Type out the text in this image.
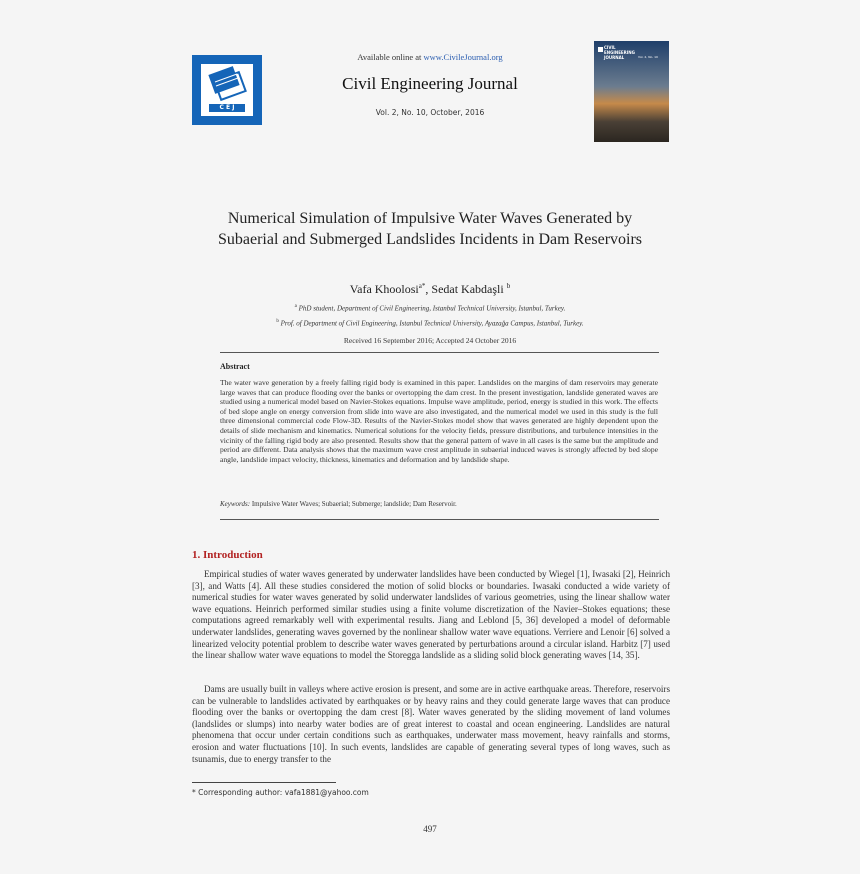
C E J
Available online at www.CivileJournal.org
Civil Engineering Journal
Vol. 2, No. 10, October, 2016
CIVIL ENGINEERING JOURNAL	Vol. 2, No. 10
Numerical Simulation of Impulsive Water Waves Generated by Subaerial and Submerged Landslides Incidents in Dam Reservoirs
Vafa Khoolosi$^{a*}$, Sedat Kabdaşli $^b$
$^a$ PhD student, Department of Civil Engineering, Istanbul Technical University, Istanbul, Turkey.
$^b$ Prof. of Department of Civil Engineering, Istanbul Technical University, Ayazağa Campus, Istanbul, Turkey.
Received 16 September 2016; Accepted 24 October 2016
Abstract
The water wave generation by a freely falling rigid body is examined in this paper. Landslides on the margins of dam reservoirs may generate large waves that can produce flooding over the banks or overtopping the dam crest. In the present investigation, landslide generated waves are studied using a numerical model based on Navier-Stokes equations. Impulse wave amplitude, period, energy is studied in this work. The effects of bed slope angle on energy conversion from slide into wave are also investigated, and the numerical model we used in this study is the full three dimensional commercial code Flow-3D. Results of the Navier-Stokes model show that waves generated are highly dependent upon the details of slide mechanism and kinematics. Numerical solutions for the velocity fields, pressure distributions, and turbulence intensities in the vicinity of the falling rigid body are also presented. Results show that the general pattern of wave in all cases is the same but the amplitude and period are different. Data analysis shows that the maximum wave crest amplitude in subaerial induced waves is strongly affected by bed slope angle, landslide impact velocity, thickness, kinematics and deformation and by landslide shape.
Keywords: Impulsive Water Waves; Subaerial; Submerge; landslide; Dam Reservoir.
1. Introduction
Empirical studies of water waves generated by underwater landslides have been conducted by Wiegel [1], Iwasaki [2], Heinrich [3], and Watts [4]. All these studies considered the motion of solid blocks or boundaries. Iwasaki conducted a wide variety of numerical studies for water waves generated by solid underwater landslides of various geometries, using the linear shallow water wave equations. Heinrich performed similar studies using a finite volume discretization of the Navier–Stokes equations; these computations agreed remarkably well with experimental results. Jiang and Leblond [5, 36] developed a model of deformable underwater landslides, generating waves governed by the nonlinear shallow water wave equations. Verriere and Lenoir [6] solved a linearized velocity potential problem to describe water waves generated by perturbations around a circular island. Harbitz [7] used the linear shallow water wave equations to model the Storegga landslide as a sliding solid block generating waves [14, 35].
Dams are usually built in valleys where active erosion is present, and some are in active earthquake areas. Therefore, reservoirs can be vulnerable to landslides activated by earthquakes or by heavy rains and they could generate large waves that can produce flooding over the banks or overtopping the dam crest [8]. Water waves generated by the sliding movement of land volumes (landslides or slumps) into nearby water bodies are of great interest to coastal and ocean engineering. Landslides are natural phenomena that occur under certain conditions such as earthquakes, underwater mass movement, heavy rainfalls and storms, erosion and water fluctuations [10]. In such events, landslides are capable of generating several types of long waves, such as tsunamis, due to energy transfer to the
* Corresponding author: vafa1881@yahoo.com
497
